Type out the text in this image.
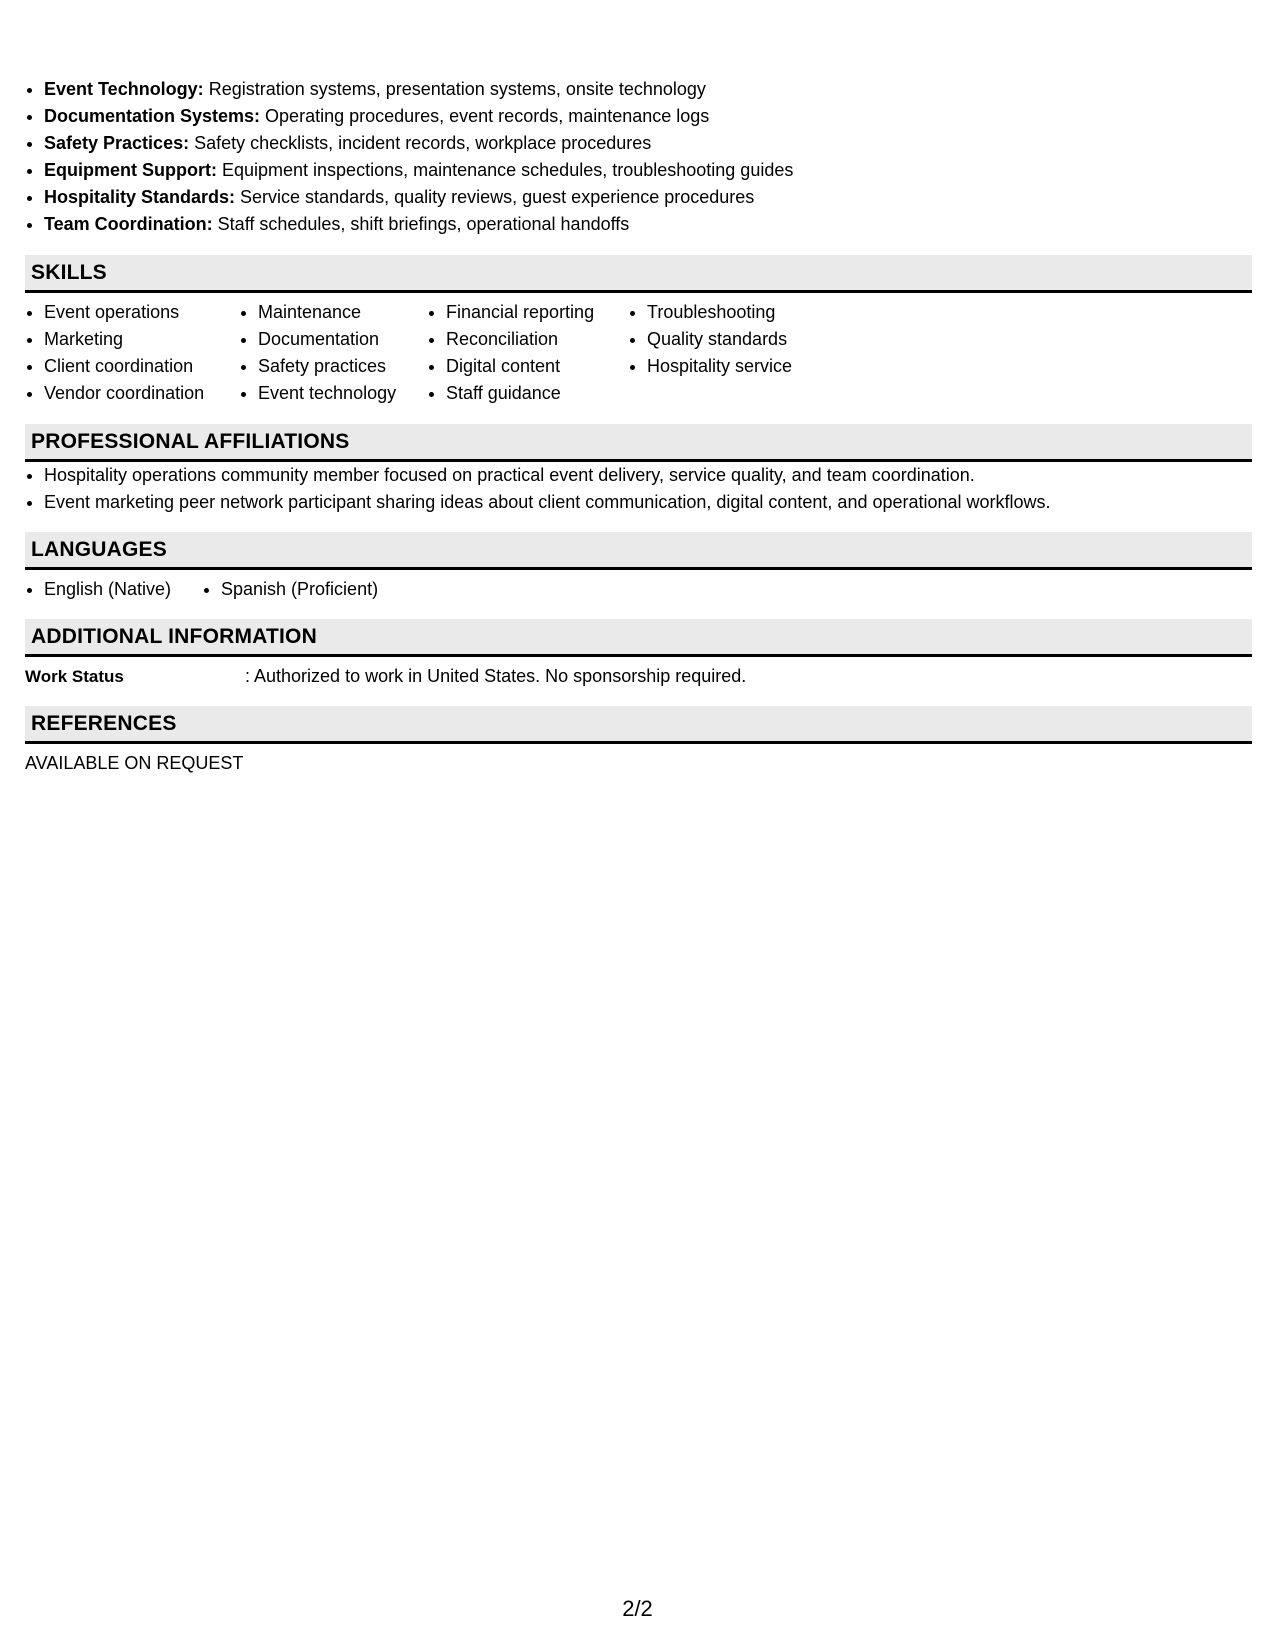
• Event Technology: Registration systems, presentation systems, onsite technology
• Documentation Systems: Operating procedures, event records, maintenance logs
• Safety Practices: Safety checklists, incident records, workplace procedures
• Equipment Support: Equipment inspections, maintenance schedules, troubleshooting guides
• Hospitality Standards: Service standards, quality reviews, guest experience procedures
• Team Coordination: Staff schedules, shift briefings, operational handoffs
SKILLS
• Event operations
• Marketing
• Client coordination
• Vendor coordination
• Maintenance
• Documentation
• Safety practices
• Event technology
• Financial reporting
• Reconciliation
• Digital content
• Staff guidance
• Troubleshooting
• Quality standards
• Hospitality service
PROFESSIONAL AFFILIATIONS
• Hospitality operations community member focused on practical event delivery, service quality, and team coordination.
• Event marketing peer network participant sharing ideas about client communication, digital content, and operational workflows.
LANGUAGES
• English (Native)
•	Spanish (Proficient)
ADDITIONAL INFORMATION
Work Status	: Authorized to work in United States. No sponsorship required.
REFERENCES
AVAILABLE ON REQUEST
2/2
